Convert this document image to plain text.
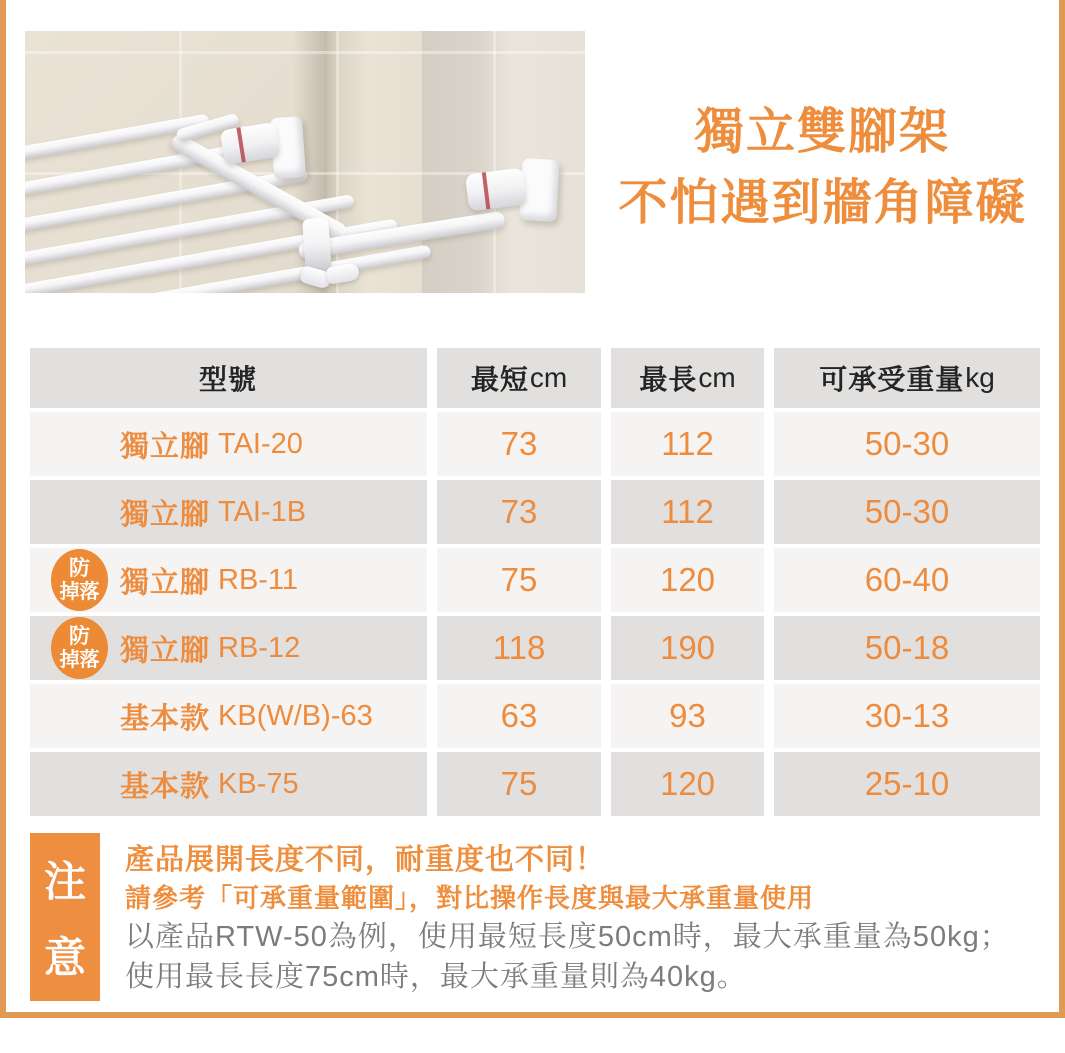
獨立雙腳架
不怕遇到牆角障礙
型號	最短 cm	最長 cm	可承受重量 kg
獨立腳 TAI-20	73	112	50-30
獨立腳 TAI-1B	73	112	50-30
防
掉落 獨立腳 RB-11	75	120	60-40
防
掉落 獨立腳 RB-12	118	190	50-18
基本款 KB(W/B)-63	63	93	30-13
基本款 KB-75	75	120	25-10
注
意
產品展開長度不同，耐重度也不同！
請參考「可承重量範圍」，對比操作長度與最大承重量使用
以產品RTW-50為例，使用最短長度50cm時，最大承重量為50kg；
使用最長長度75cm時，最大承重量則為40kg。
